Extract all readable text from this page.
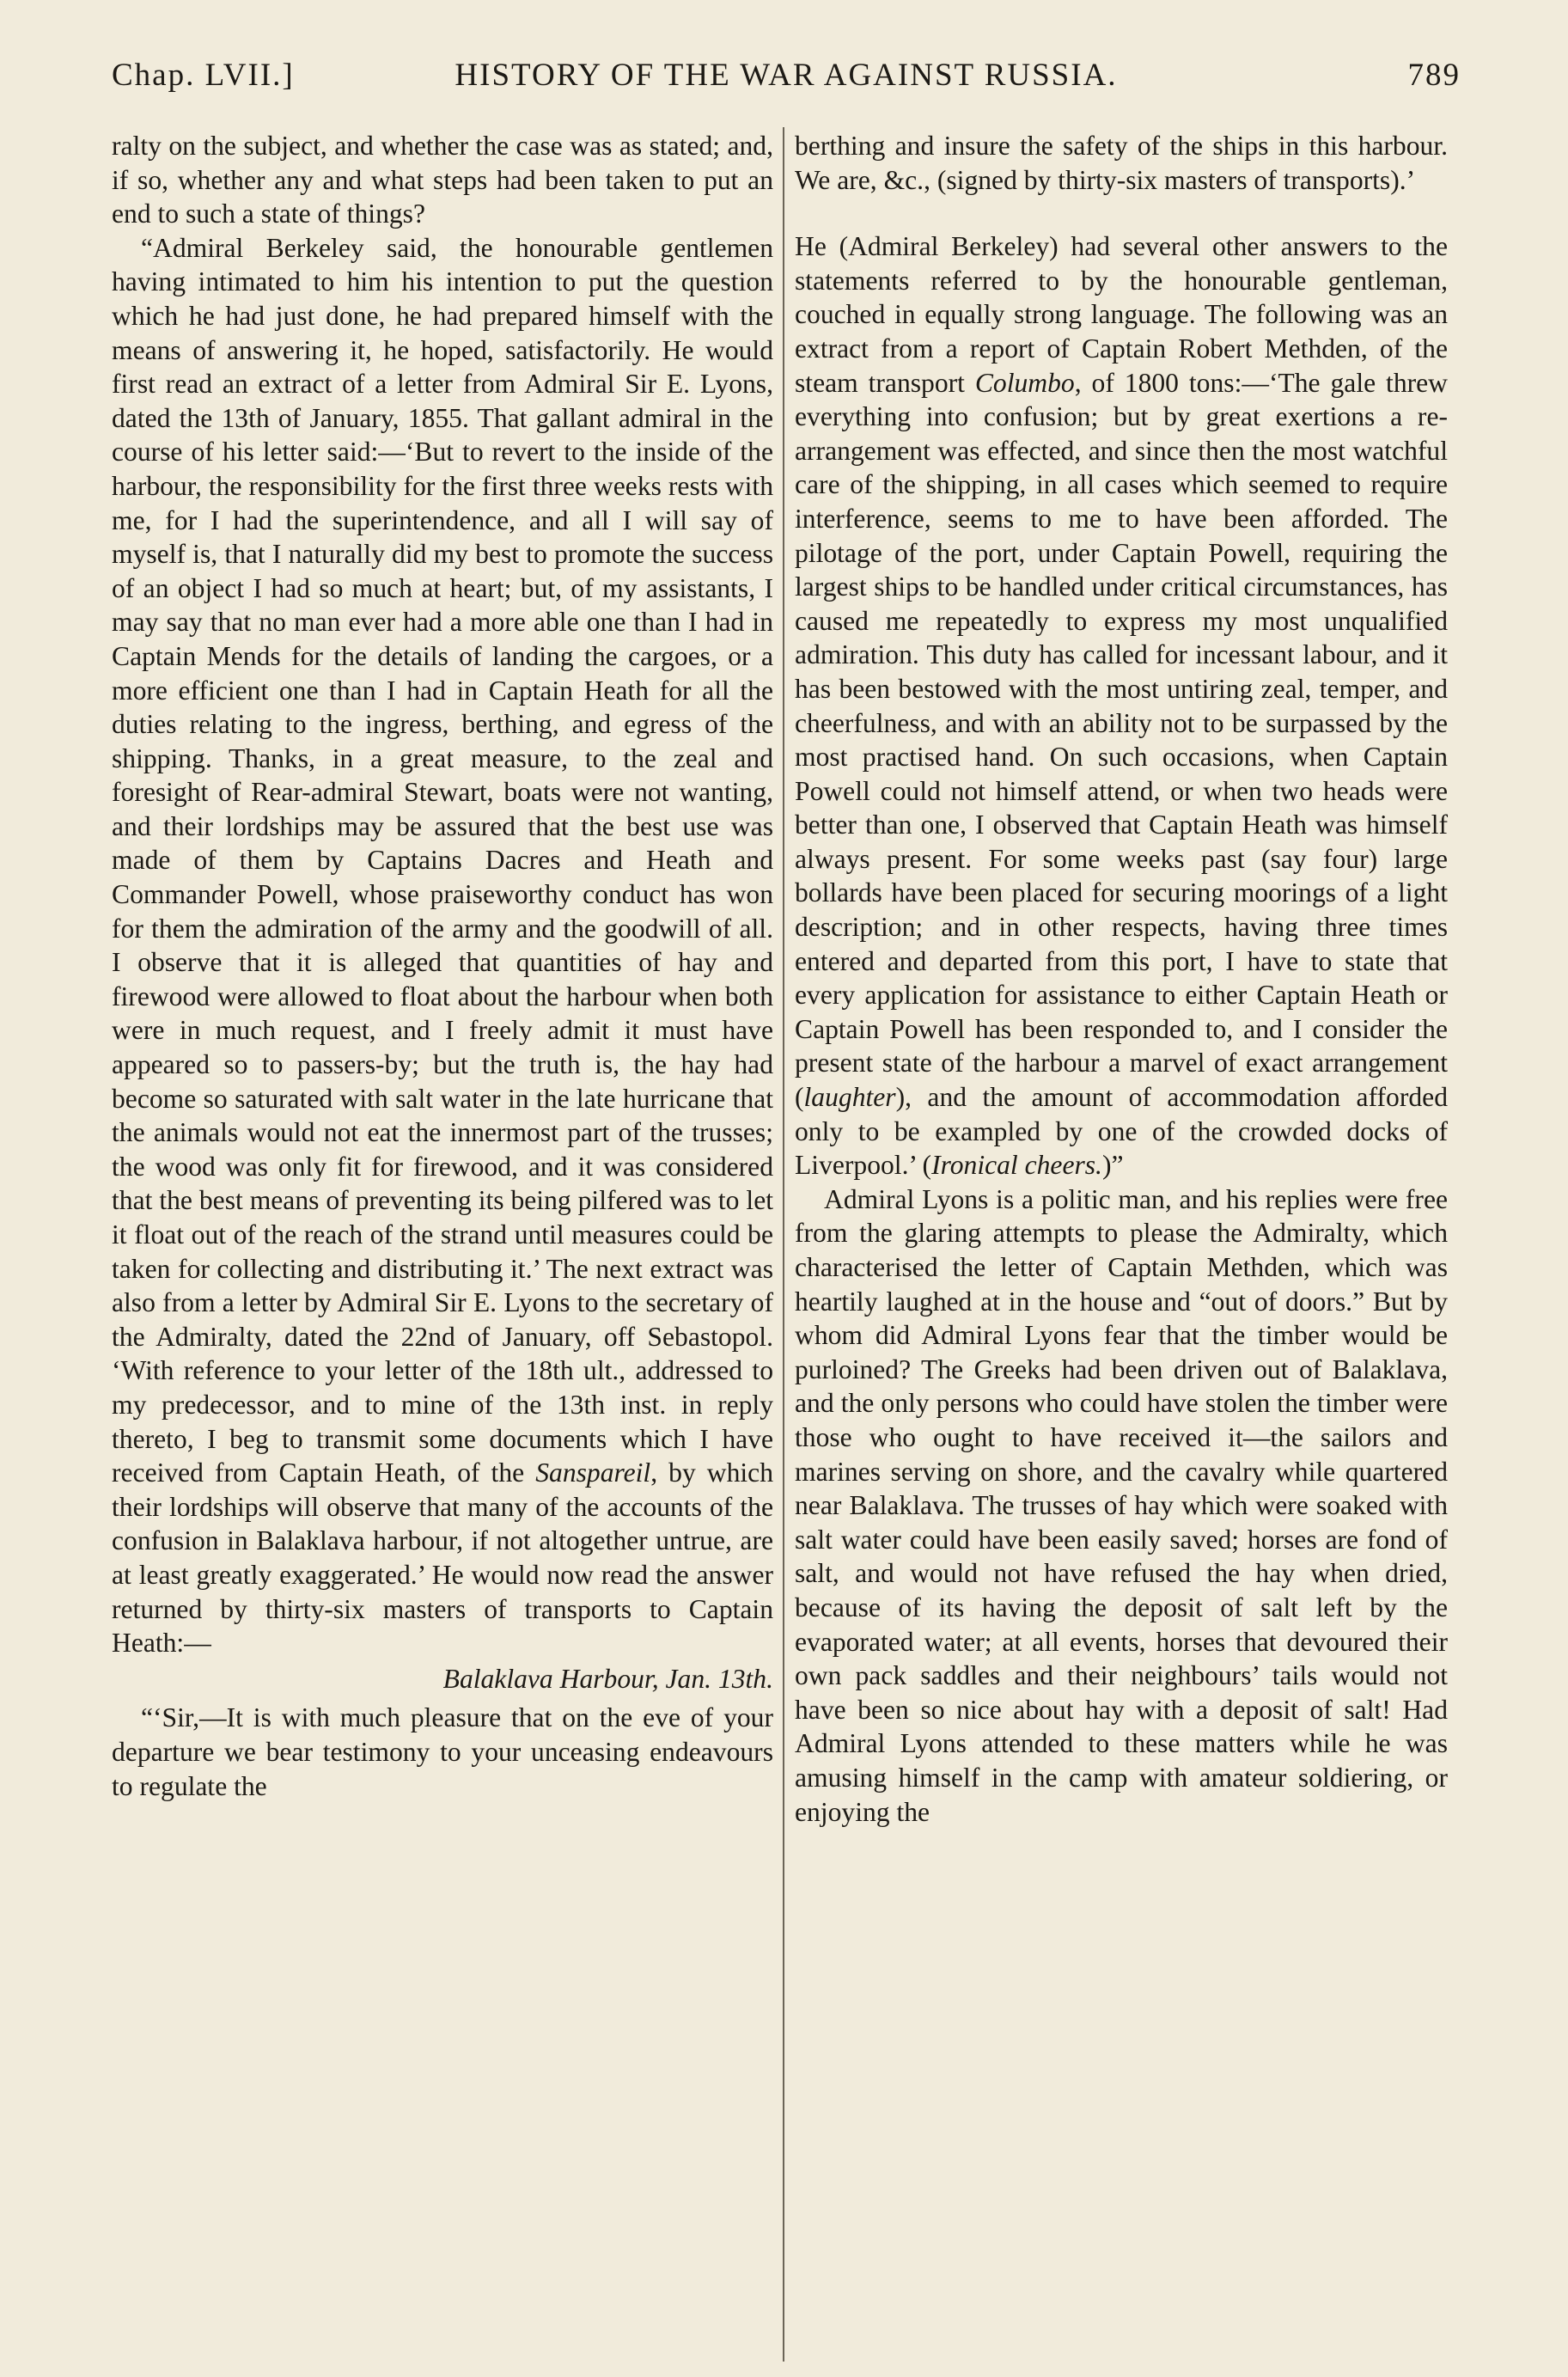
Chap. LVII.]	HISTORY OF THE WAR AGAINST RUSSIA.	789

ralty on the subject, and whether the case was as stated; and, if so, whether any and what steps had been taken to put an end to such a state of things?

“Admiral Berkeley said, the honourable gentlemen having intimated to him his intention to put the question which he had just done, he had prepared himself with the means of answering it, he hoped, satisfactorily. He would first read an extract of a letter from Admiral Sir E. Lyons, dated the 13th of January, 1855. That gallant admiral in the course of his letter said:—‘But to revert to the inside of the harbour, the responsibility for the first three weeks rests with me, for I had the superintendence, and all I will say of myself is, that I naturally did my best to promote the success of an object I had so much at heart; but, of my assistants, I may say that no man ever had a more able one than I had in Captain Mends for the details of landing the cargoes, or a more efficient one than I had in Captain Heath for all the duties relating to the ingress, berthing, and egress of the shipping. Thanks, in a great measure, to the zeal and foresight of Rear-admiral Stewart, boats were not wanting, and their lordships may be assured that the best use was made of them by Captains Dacres and Heath and Commander Powell, whose praiseworthy conduct has won for them the admiration of the army and the goodwill of all. I observe that it is alleged that quantities of hay and firewood were allowed to float about the harbour when both were in much request, and I freely admit it must have appeared so to passers-by; but the truth is, the hay had become so saturated with salt water in the late hurricane that the animals would not eat the innermost part of the trusses; the wood was only fit for firewood, and it was considered that the best means of preventing its being pilfered was to let it float out of the reach of the strand until measures could be taken for collecting and distributing it.’ The next extract was also from a letter by Admiral Sir E. Lyons to the secretary of the Admiralty, dated the 22nd of January, off Sebastopol. ‘With reference to your letter of the 18th ult., addressed to my predecessor, and to mine of the 13th inst. in reply thereto, I beg to transmit some documents which I have received from Captain Heath, of the Sanspareil, by which their lordships will observe that many of the accounts of the confusion in Balaklava harbour, if not altogether untrue, are at least greatly exaggerated.’ He would now read the answer returned by thirty-six masters of transports to Captain Heath:—

Balaklava Harbour, Jan. 13th.

“‘Sir,—It is with much pleasure that on the eve of your departure we bear testimony to your unceasing endeavours to regulate the

berthing and insure the safety of the ships in this harbour. We are, &c., (signed by thirty-six masters of transports).’

He (Admiral Berkeley) had several other answers to the statements referred to by the honourable gentleman, couched in equally strong language. The following was an extract from a report of Captain Robert Methden, of the steam transport Columbo, of 1800 tons:—‘The gale threw everything into confusion; but by great exertions a re-arrangement was effected, and since then the most watchful care of the shipping, in all cases which seemed to require interference, seems to me to have been afforded. The pilotage of the port, under Captain Powell, requiring the largest ships to be handled under critical circumstances, has caused me repeatedly to express my most unqualified admiration. This duty has called for incessant labour, and it has been bestowed with the most untiring zeal, temper, and cheerfulness, and with an ability not to be surpassed by the most practised hand. On such occasions, when Captain Powell could not himself attend, or when two heads were better than one, I observed that Captain Heath was himself always present. For some weeks past (say four) large bollards have been placed for securing moorings of a light description; and in other respects, having three times entered and departed from this port, I have to state that every application for assistance to either Captain Heath or Captain Powell has been responded to, and I consider the present state of the harbour a marvel of exact arrangement (laughter), and the amount of accommodation afforded only to be exampled by one of the crowded docks of Liverpool.’ (Ironical cheers.)”

Admiral Lyons is a politic man, and his replies were free from the glaring attempts to please the Admiralty, which characterised the letter of Captain Methden, which was heartily laughed at in the house and “out of doors.” But by whom did Admiral Lyons fear that the timber would be purloined? The Greeks had been driven out of Balaklava, and the only persons who could have stolen the timber were those who ought to have received it—the sailors and marines serving on shore, and the cavalry while quartered near Balaklava. The trusses of hay which were soaked with salt water could have been easily saved; horses are fond of salt, and would not have refused the hay when dried, because of its having the deposit of salt left by the evaporated water; at all events, horses that devoured their own pack saddles and their neighbours’ tails would not have been so nice about hay with a deposit of salt! Had Admiral Lyons attended to these matters while he was amusing himself in the camp with amateur soldiering, or enjoying the
